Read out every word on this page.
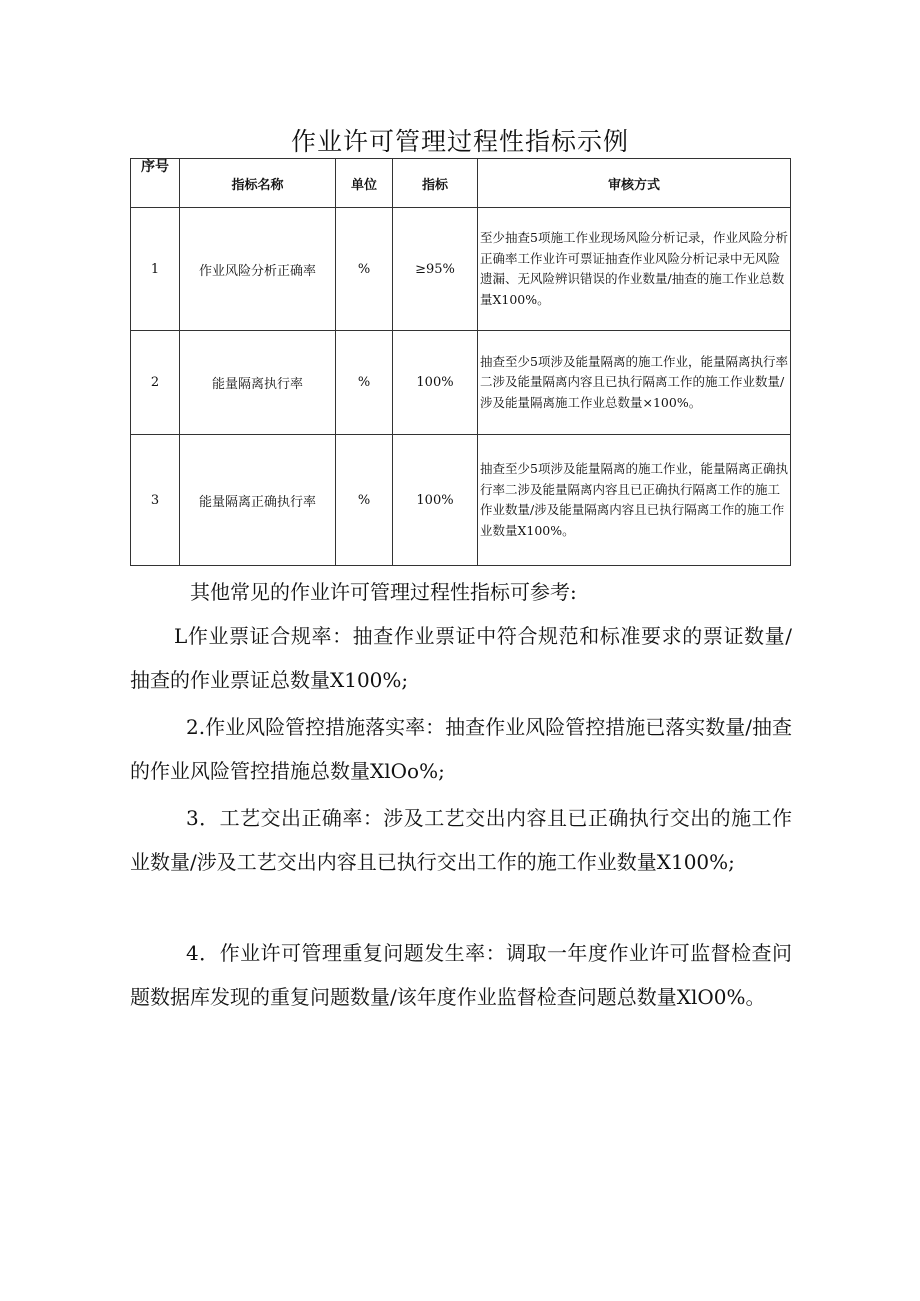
作业许可管理过程性指标示例
序号	指标名称	单位	指标	审核方式
1	作业风险分析正确率	%	≥95%	至少抽查5项施工作业现场风险分析记录，作业风险分析正确率工作业许可票证抽查作业风险分析记录中无风险遗漏、无风险辨识错误的作业数量/抽查的施工作业总数量X100%。
2	能量隔离执行率	%	100%	抽查至少5项涉及能量隔离的施工作业，能量隔离执行率二涉及能量隔离内容且已执行隔离工作的施工作业数量/涉及能量隔离施工作业总数量×100%。
3	能量隔离正确执行率	%	100%	抽查至少5项涉及能量隔离的施工作业，能量隔离正确执行率二涉及能量隔离内容且已正确执行隔离工作的施工作业数量/涉及能量隔离内容且已执行隔离工作的施工作业数量X100%。

其他常见的作业许可管理过程性指标可参考:

L作业票证合规率：抽查作业票证中符合规范和标准要求的票证数量/抽查的作业票证总数量X100%;

2.作业风险管控措施落实率：抽查作业风险管控措施已落实数量/抽查的作业风险管控措施总数量XlOo%;

3．工艺交出正确率：涉及工艺交出内容且已正确执行交出的施工作业数量/涉及工艺交出内容且已执行交出工作的施工作业数量X100%;

4．作业许可管理重复问题发生率：调取一年度作业许可监督检查问题数据库发现的重复问题数量/该年度作业监督检查问题总数量XlO0%。
